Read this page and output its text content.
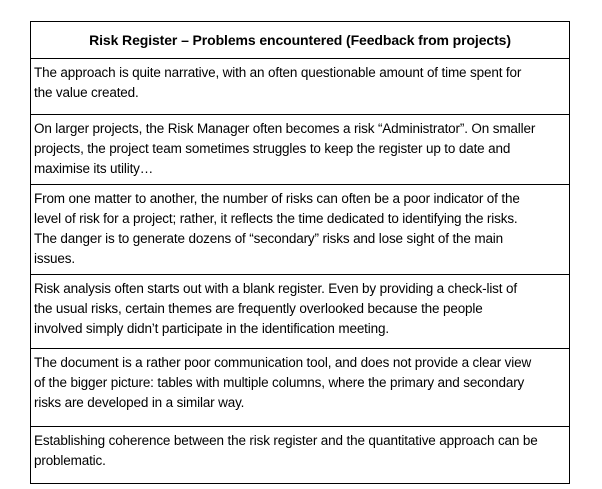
Risk Register – Problems encountered (Feedback from projects)
The approach is quite narrative, with an often questionable amount of time spent for
the value created.
On larger projects, the Risk Manager often becomes a risk “Administrator”. On smaller
projects, the project team sometimes struggles to keep the register up to date and
maximise its utility…
From one matter to another, the number of risks can often be a poor indicator of the
level of risk for a project; rather, it reflects the time dedicated to identifying the risks.
The danger is to generate dozens of “secondary” risks and lose sight of the main
issues.
Risk analysis often starts out with a blank register. Even by providing a check-list of
the usual risks, certain themes are frequently overlooked because the people
involved simply didn’t participate in the identification meeting.
The document is a rather poor communication tool, and does not provide a clear view
of the bigger picture: tables with multiple columns, where the primary and secondary
risks are developed in a similar way.
Establishing coherence between the risk register and the quantitative approach can be
problematic.
